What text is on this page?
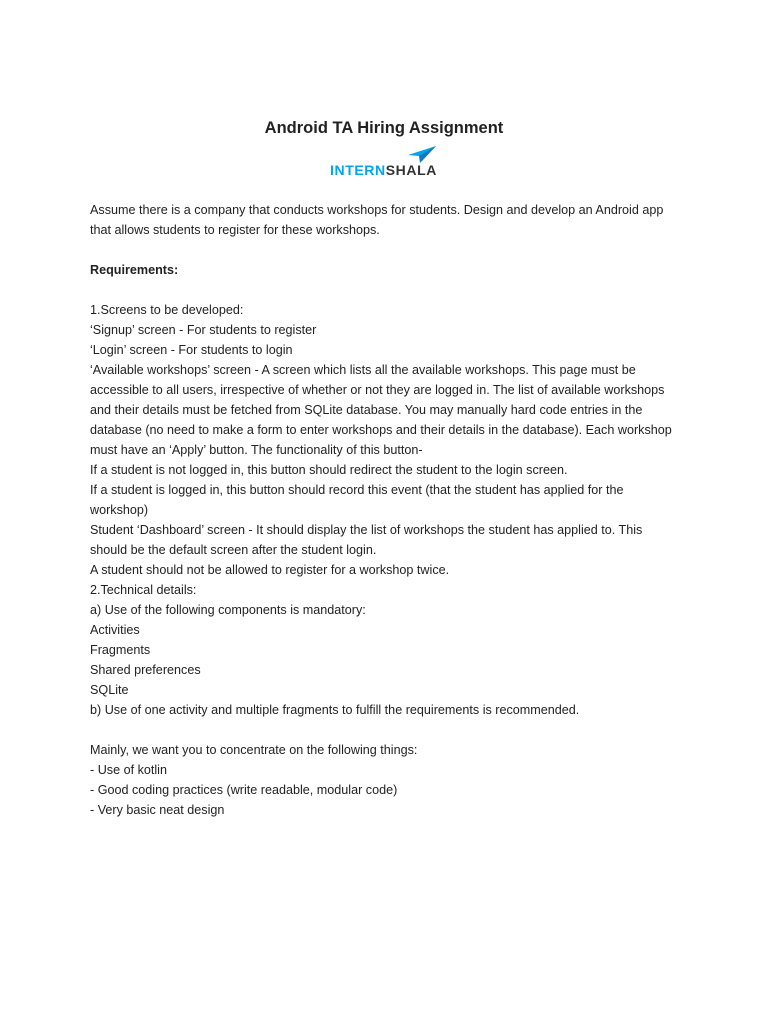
Android TA Hiring Assignment
INTERNSHALA
Assume there is a company that conducts workshops for students. Design and develop an Android app
that allows students to register for these workshops.
Requirements:
1.Screens to be developed:
‘Signup’ screen - For students to register
‘Login’ screen - For students to login
‘Available workshops’ screen - A screen which lists all the available workshops. This page must be
accessible to all users, irrespective of whether or not they are logged in. The list of available workshops
and their details must be fetched from SQLite database. You may manually hard code entries in the
database (no need to make a form to enter workshops and their details in the database). Each workshop
must have an ‘Apply’ button. The functionality of this button-
If a student is not logged in, this button should redirect the student to the login screen.
If a student is logged in, this button should record this event (that the student has applied for the
workshop)
Student ‘Dashboard’ screen - It should display the list of workshops the student has applied to. This
should be the default screen after the student login.
A student should not be allowed to register for a workshop twice.
2.Technical details:
a) Use of the following components is mandatory:
Activities
Fragments
Shared preferences
SQLite
b) Use of one activity and multiple fragments to fulfill the requirements is recommended.
Mainly, we want you to concentrate on the following things:
- Use of kotlin
- Good coding practices (write readable, modular code)
- Very basic neat design
